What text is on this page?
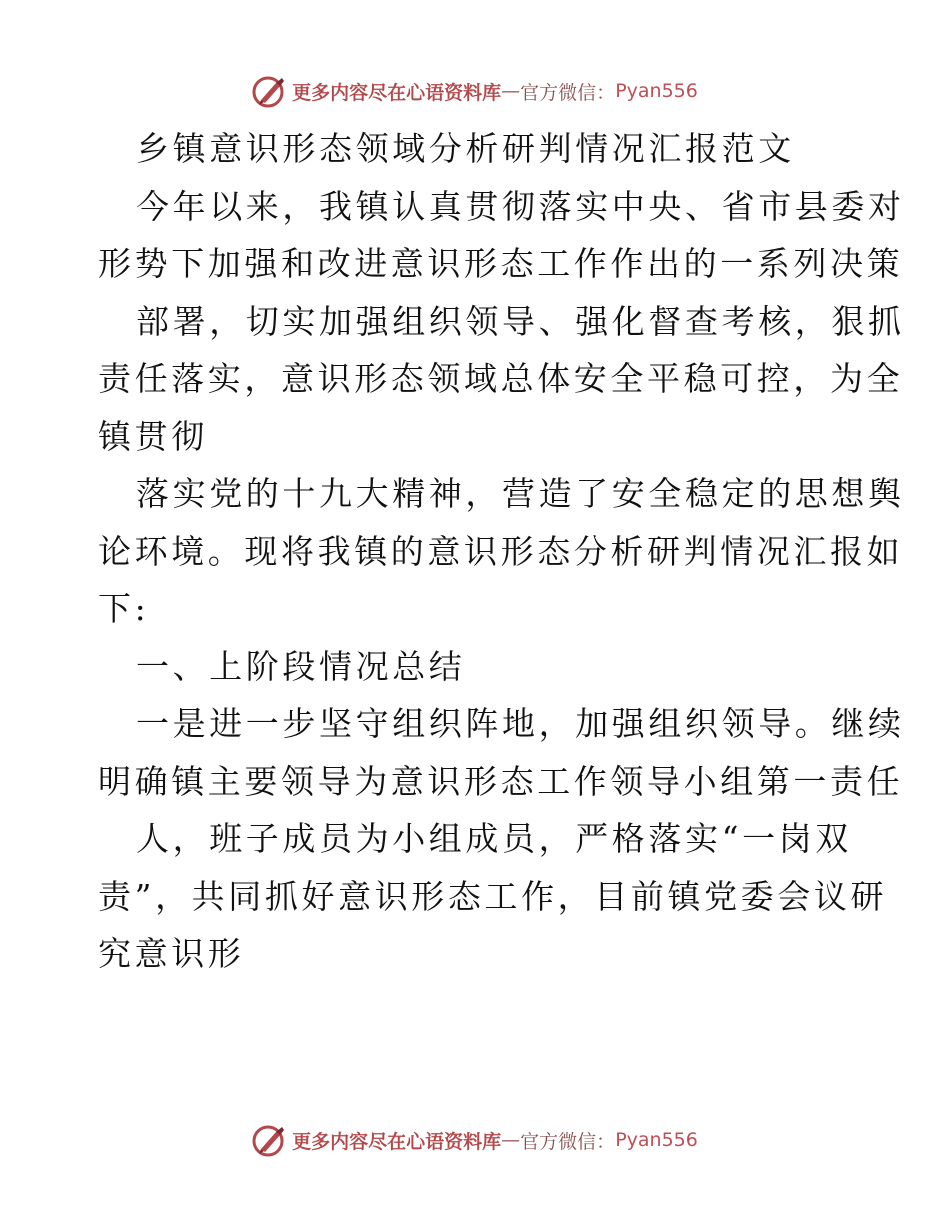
更多内容尽在心语资料库 — 官方微信： Pyan556
乡镇意识形态领域分析研判情况汇报范文
今年以来，我镇认真贯彻落实中央、省市县委对
形势下加强和改进意识形态工作作出的一系列决策
部署，切实加强组织领导、强化督查考核，狠抓
责任落实，意识形态领域总体安全平稳可控，为全
镇贯彻
落实党的十九大精神，营造了安全稳定的思想舆
论环境。现将我镇的意识形态分析研判情况汇报如
下:
一、上阶段情况总结
一是进一步坚守组织阵地，加强组织领导。继续
明确镇主要领导为意识形态工作领导小组第一责任
人，班子成员为小组成员，严格落实“一岗双
责”，共同抓好意识形态工作，目前镇党委会议研
究意识形
更多内容尽在心语资料库 — 官方微信： Pyan556
